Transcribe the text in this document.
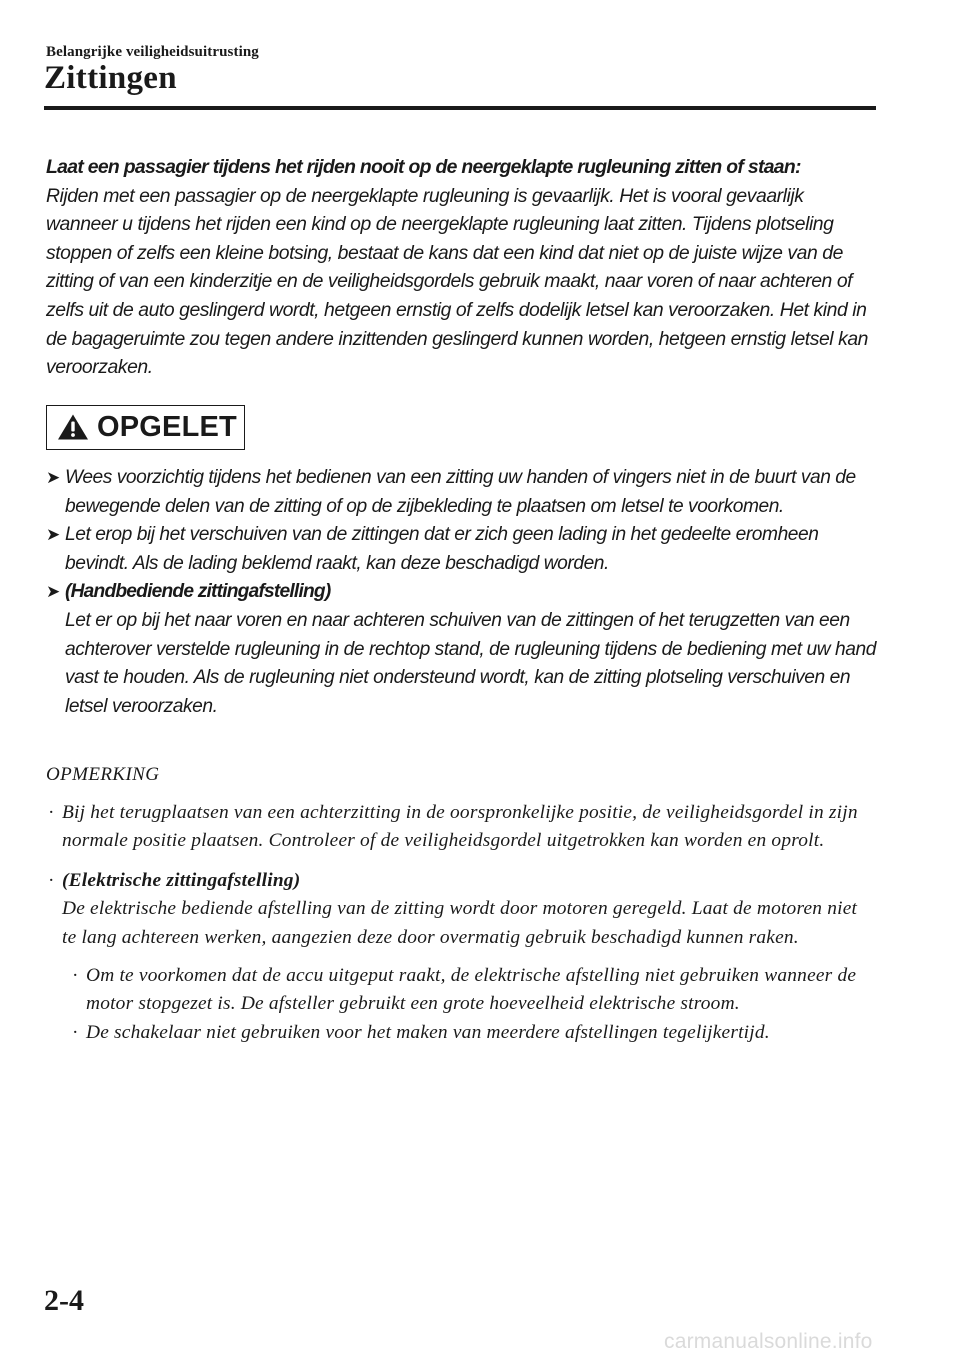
Belangrijke veiligheidsuitrusting
Zittingen
Laat een passagier tijdens het rijden nooit op de neergeklapte rugleuning zitten of staan:
Rijden met een passagier op de neergeklapte rugleuning is gevaarlijk. Het is vooral gevaarlijk wanneer u tijdens het rijden een kind op de neergeklapte rugleuning laat zitten. Tijdens plotseling stoppen of zelfs een kleine botsing, bestaat de kans dat een kind dat niet op de juiste wijze van de zitting of van een kinderzitje en de veiligheidsgordels gebruik maakt, naar voren of naar achteren of zelfs uit de auto geslingerd wordt, hetgeen ernstig of zelfs dodelijk letsel kan veroorzaken. Het kind in de bagageruimte zou tegen andere inzittenden geslingerd kunnen worden, hetgeen ernstig letsel kan veroorzaken.
OPGELET
➤ Wees voorzichtig tijdens het bedienen van een zitting uw handen of vingers niet in de buurt van de bewegende delen van de zitting of op de zijbekleding te plaatsen om letsel te voorkomen.
➤ Let erop bij het verschuiven van de zittingen dat er zich geen lading in het gedeelte eromheen bevindt. Als de lading beklemd raakt, kan deze beschadigd worden.
➤ (Handbediende zittingafstelling)
Let er op bij het naar voren en naar achteren schuiven van de zittingen of het terugzetten van een achterover verstelde rugleuning in de rechtop stand, de rugleuning tijdens de bediening met uw hand vast te houden. Als de rugleuning niet ondersteund wordt, kan de zitting plotseling verschuiven en letsel veroorzaken.
OPMERKING
· Bij het terugplaatsen van een achterzitting in de oorspronkelijke positie, de veiligheidsgordel in zijn normale positie plaatsen. Controleer of de veiligheidsgordel uitgetrokken kan worden en oprolt.
· (Elektrische zittingafstelling)
De elektrische bediende afstelling van de zitting wordt door motoren geregeld. Laat de motoren niet te lang achtereen werken, aangezien deze door overmatig gebruik beschadigd kunnen raken.
· Om te voorkomen dat de accu uitgeput raakt, de elektrische afstelling niet gebruiken wanneer de motor stopgezet is. De afsteller gebruikt een grote hoeveelheid elektrische stroom.
· De schakelaar niet gebruiken voor het maken van meerdere afstellingen tegelijkertijd.
2-4
carmanualsonline.info
